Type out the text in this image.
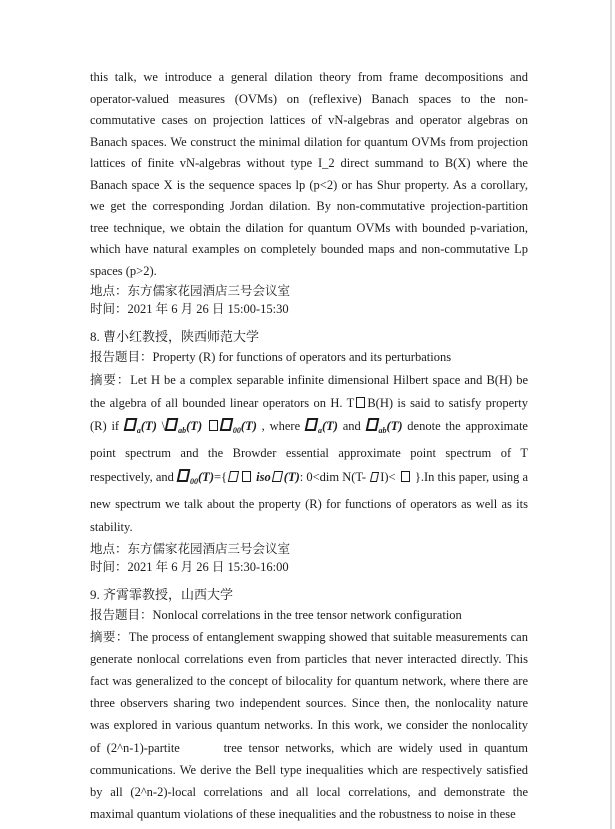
this talk, we introduce a general dilation theory from frame decompositions and operator-valued measures (OVMs) on (reflexive) Banach spaces to the non-commutative cases on projection lattices of vN-algebras and operator algebras on Banach spaces. We construct the minimal dilation for quantum OVMs from projection lattices of finite vN-algebras without type I_2 direct summand to B(X) where the Banach space X is the sequence spaces lp (p<2) or has Shur property. As a corollary, we get the corresponding Jordan dilation. By non-commutative projection-partition tree technique, we obtain the dilation for quantum OVMs with bounded p-variation, which have natural examples on completely bounded maps and non-commutative Lp spaces (p>2).

地点：东方儒家花园酒店三号会议室

时间：2021 年 6 月 26 日 15:00-15:30

8. 曹小红教授，陕西师范大学

报告题目：Property (R) for functions of operators and its perturbations

摘要：Let H be a complex separable infinite dimensional Hilbert space and B(H) be the algebra of all bounded linear operators on H. T B(H) is said to satisfy property (R) if $_a$(T) \ $_{ab}$(T)	$_{00}$(T) , where $_a$(T) and $_{ab}$(T) denote the approximate point spectrum and the Browder essential approximate point spectrum of T respectively, and $_{00}$(T)={ iso (T): 0<dim N(T- I)<  }.In this paper, using a new spectrum we talk about the property (R) for functions of operators as well as its stability.

地点：东方儒家花园酒店三号会议室

时间：2021 年 6 月 26 日 15:30-16:00

9. 齐霄霏教授，山西大学

报告题目：Nonlocal correlations in the tree tensor network configuration

摘要：The process of entanglement swapping showed that suitable measurements can generate nonlocal correlations even from particles that never interacted directly. This fact was generalized to the concept of bilocality for quantum network, where there are three observers sharing two independent sources. Since then, the nonlocality nature was explored in various quantum networks. In this work, we consider the nonlocality of (2^n-1)-partite       tree tensor networks, which are widely used in quantum communications. We derive the Bell type inequalities which are respectively satisfied by all (2^n-2)-local correlations and all local correlations, and demonstrate the maximal quantum violations of these inequalities and the robustness to noise in these
